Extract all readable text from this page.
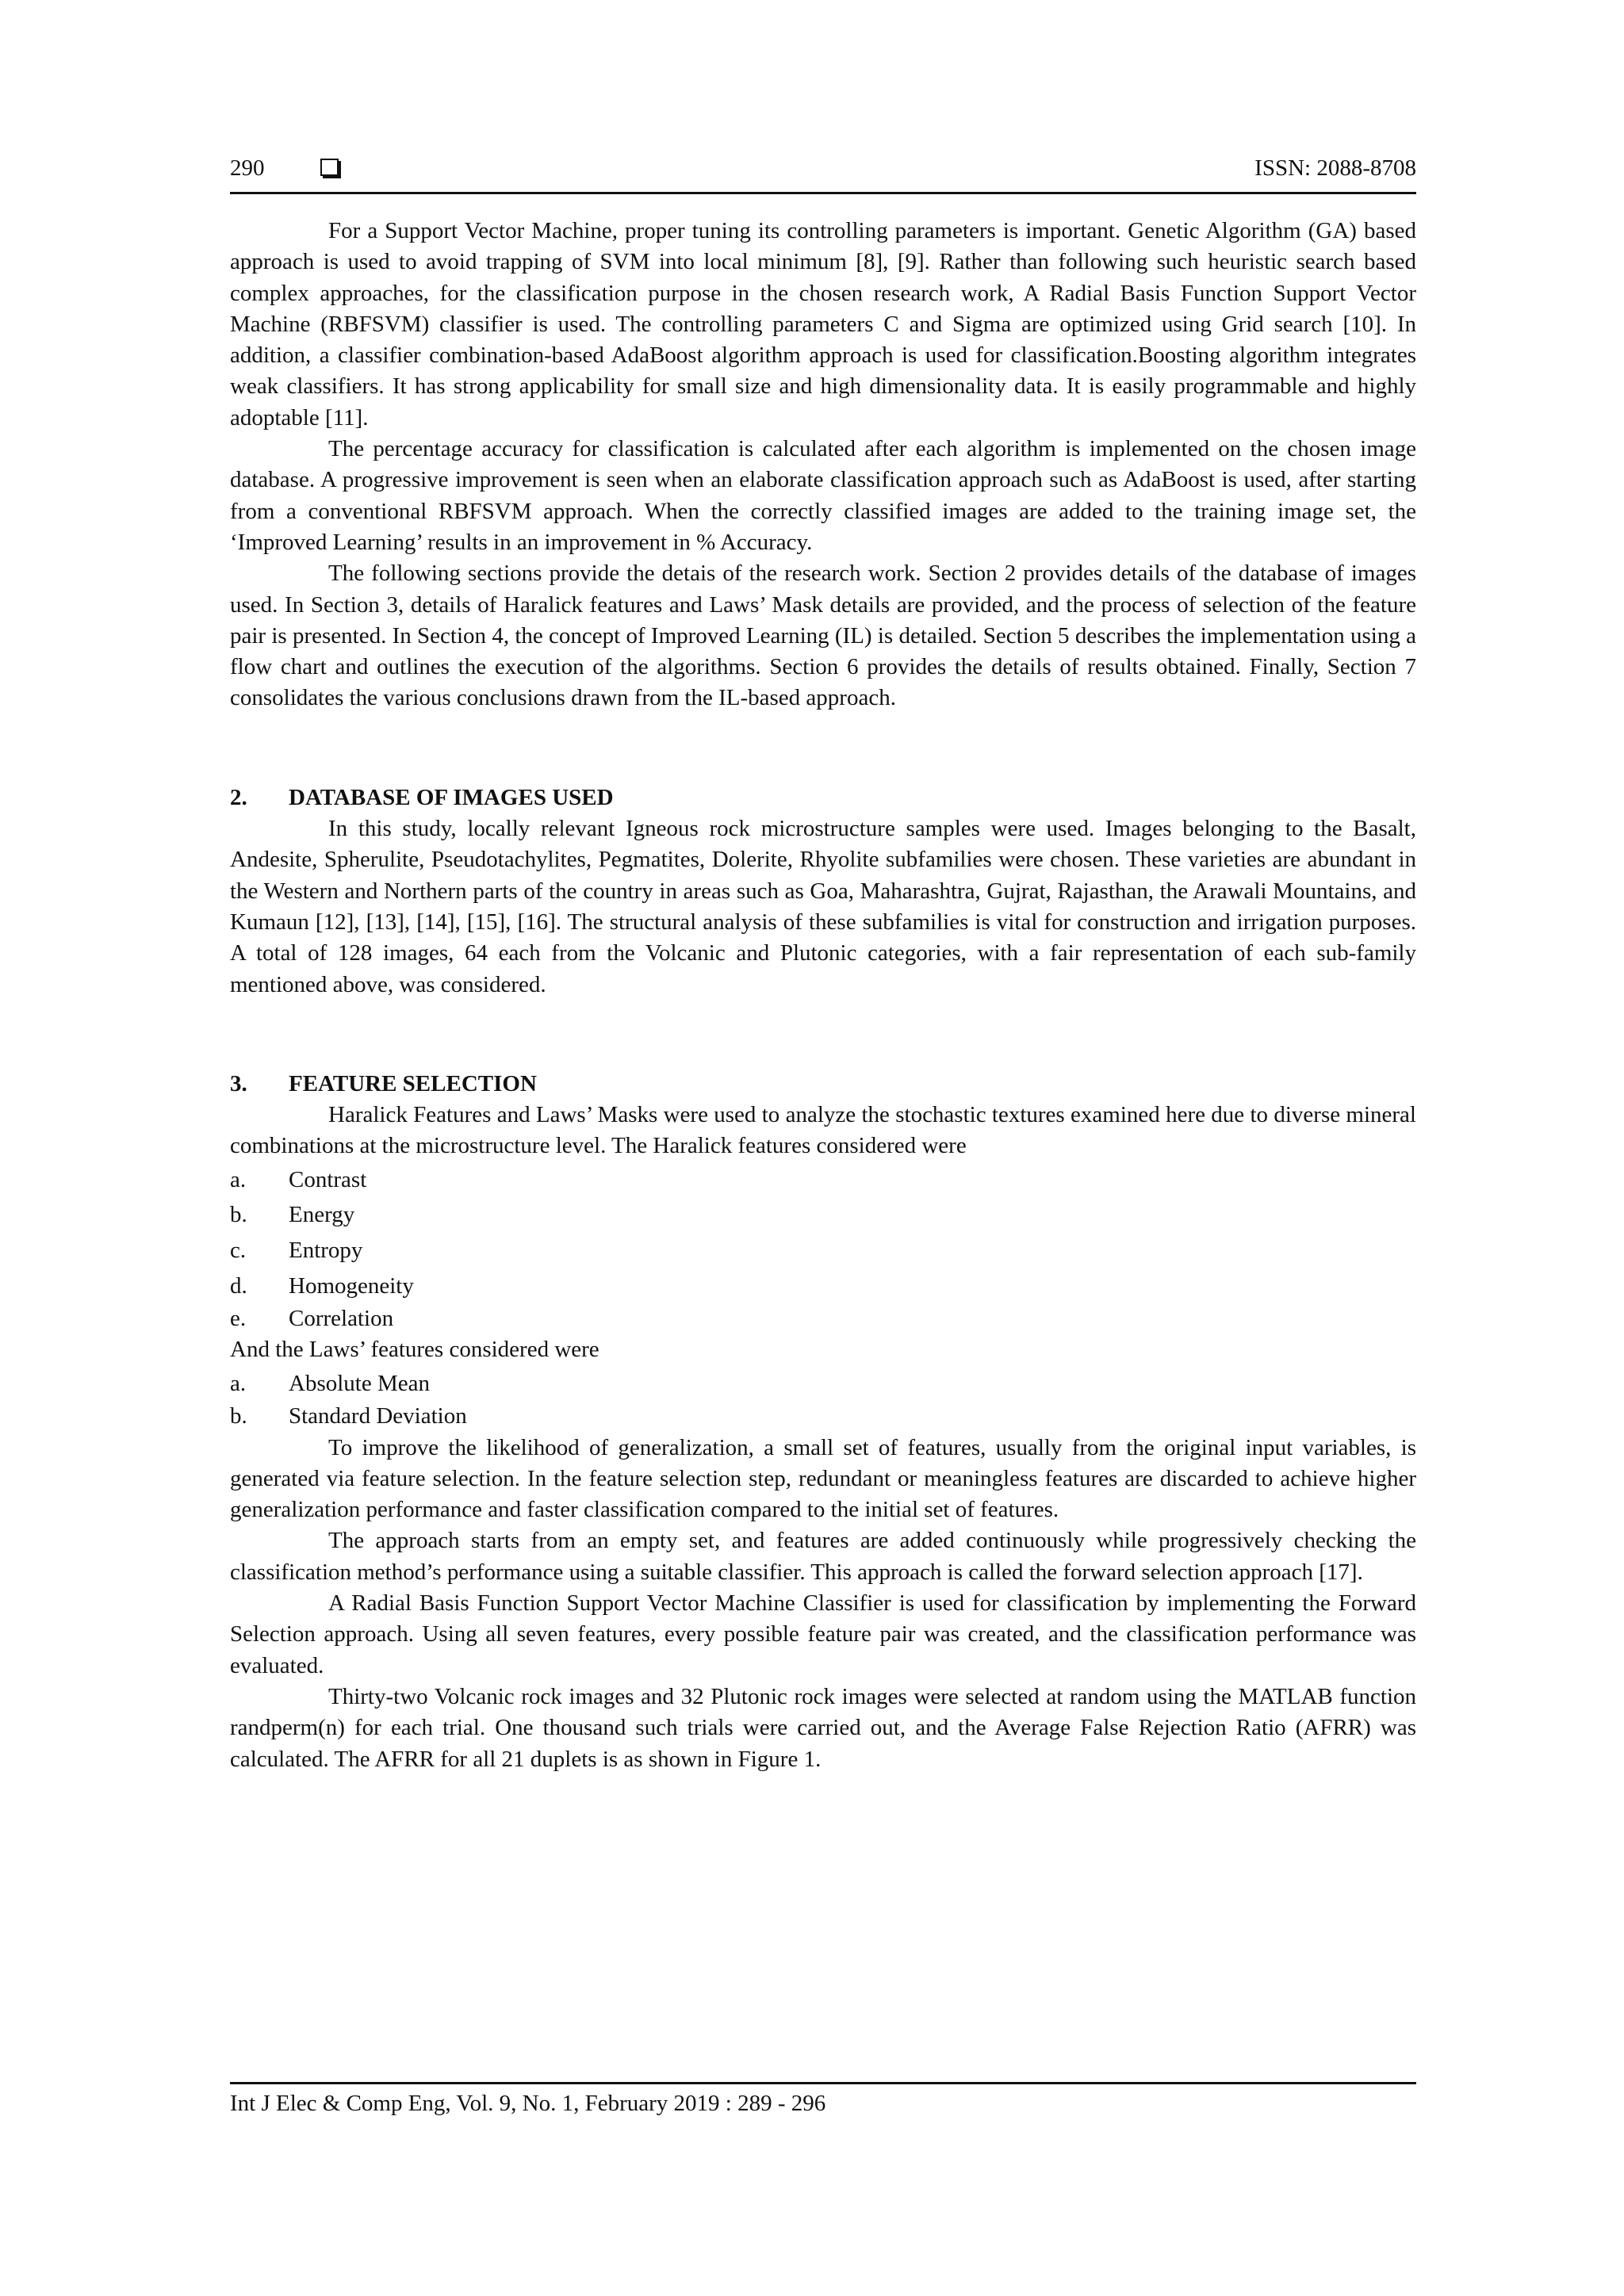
290	ISSN: 2088-8708

For a Support Vector Machine, proper tuning its controlling parameters is important. Genetic Algorithm (GA) based approach is used to avoid trapping of SVM into local minimum [8], [9]. Rather than following such heuristic search based complex approaches, for the classification purpose in the chosen research work, A Radial Basis Function Support Vector Machine (RBFSVM) classifier is used. The controlling parameters C and Sigma are optimized using Grid search [10]. In addition, a classifier combination-based AdaBoost algorithm approach is used for classification.Boosting algorithm integrates weak classifiers. It has strong applicability for small size and high dimensionality data. It is easily programmable and highly adoptable [11].

The percentage accuracy for classification is calculated after each algorithm is implemented on the chosen image database. A progressive improvement is seen when an elaborate classification approach such as AdaBoost is used, after starting from a conventional RBFSVM approach. When the correctly classified images are added to the training image set, the ‘Improved Learning’ results in an improvement in % Accuracy.

The following sections provide the detais of the research work. Section 2 provides details of the database of images used. In Section 3, details of Haralick features and Laws’ Mask details are provided, and the process of selection of the feature pair is presented. In Section 4, the concept of Improved Learning (IL) is detailed. Section 5 describes the implementation using a flow chart and outlines the execution of the algorithms. Section 6 provides the details of results obtained. Finally, Section 7 consolidates the various conclusions drawn from the IL-based approach.

2. DATABASE OF IMAGES USED

In this study, locally relevant Igneous rock microstructure samples were used. Images belonging to the Basalt, Andesite, Spherulite, Pseudotachylites, Pegmatites, Dolerite, Rhyolite subfamilies were chosen. These varieties are abundant in the Western and Northern parts of the country in areas such as Goa, Maharashtra, Gujrat, Rajasthan, the Arawali Mountains, and Kumaun [12], [13], [14], [15], [16]. The structural analysis of these subfamilies is vital for construction and irrigation purposes. A total of 128 images, 64 each from the Volcanic and Plutonic categories, with a fair representation of each sub-family mentioned above, was considered.

3. FEATURE SELECTION

Haralick Features and Laws’ Masks were used to analyze the stochastic textures examined here due to diverse mineral combinations at the microstructure level. The Haralick features considered were

a. Contrast
b. Energy
c. Entropy
d. Homogeneity
e. Correlation

And the Laws’ features considered were

a. Absolute Mean
b. Standard Deviation

To improve the likelihood of generalization, a small set of features, usually from the original input variables, is generated via feature selection. In the feature selection step, redundant or meaningless features are discarded to achieve higher generalization performance and faster classification compared to the initial set of features.

The approach starts from an empty set, and features are added continuously while progressively checking the classification method’s performance using a suitable classifier. This approach is called the forward selection approach [17].

A Radial Basis Function Support Vector Machine Classifier is used for classification by implementing the Forward Selection approach. Using all seven features, every possible feature pair was created, and the classification performance was evaluated.

Thirty-two Volcanic rock images and 32 Plutonic rock images were selected at random using the MATLAB function randperm(n) for each trial. One thousand such trials were carried out, and the Average False Rejection Ratio (AFRR) was calculated. The AFRR for all 21 duplets is as shown in Figure 1.

Int J Elec & Comp Eng, Vol. 9, No. 1, February 2019 : 289 - 296
